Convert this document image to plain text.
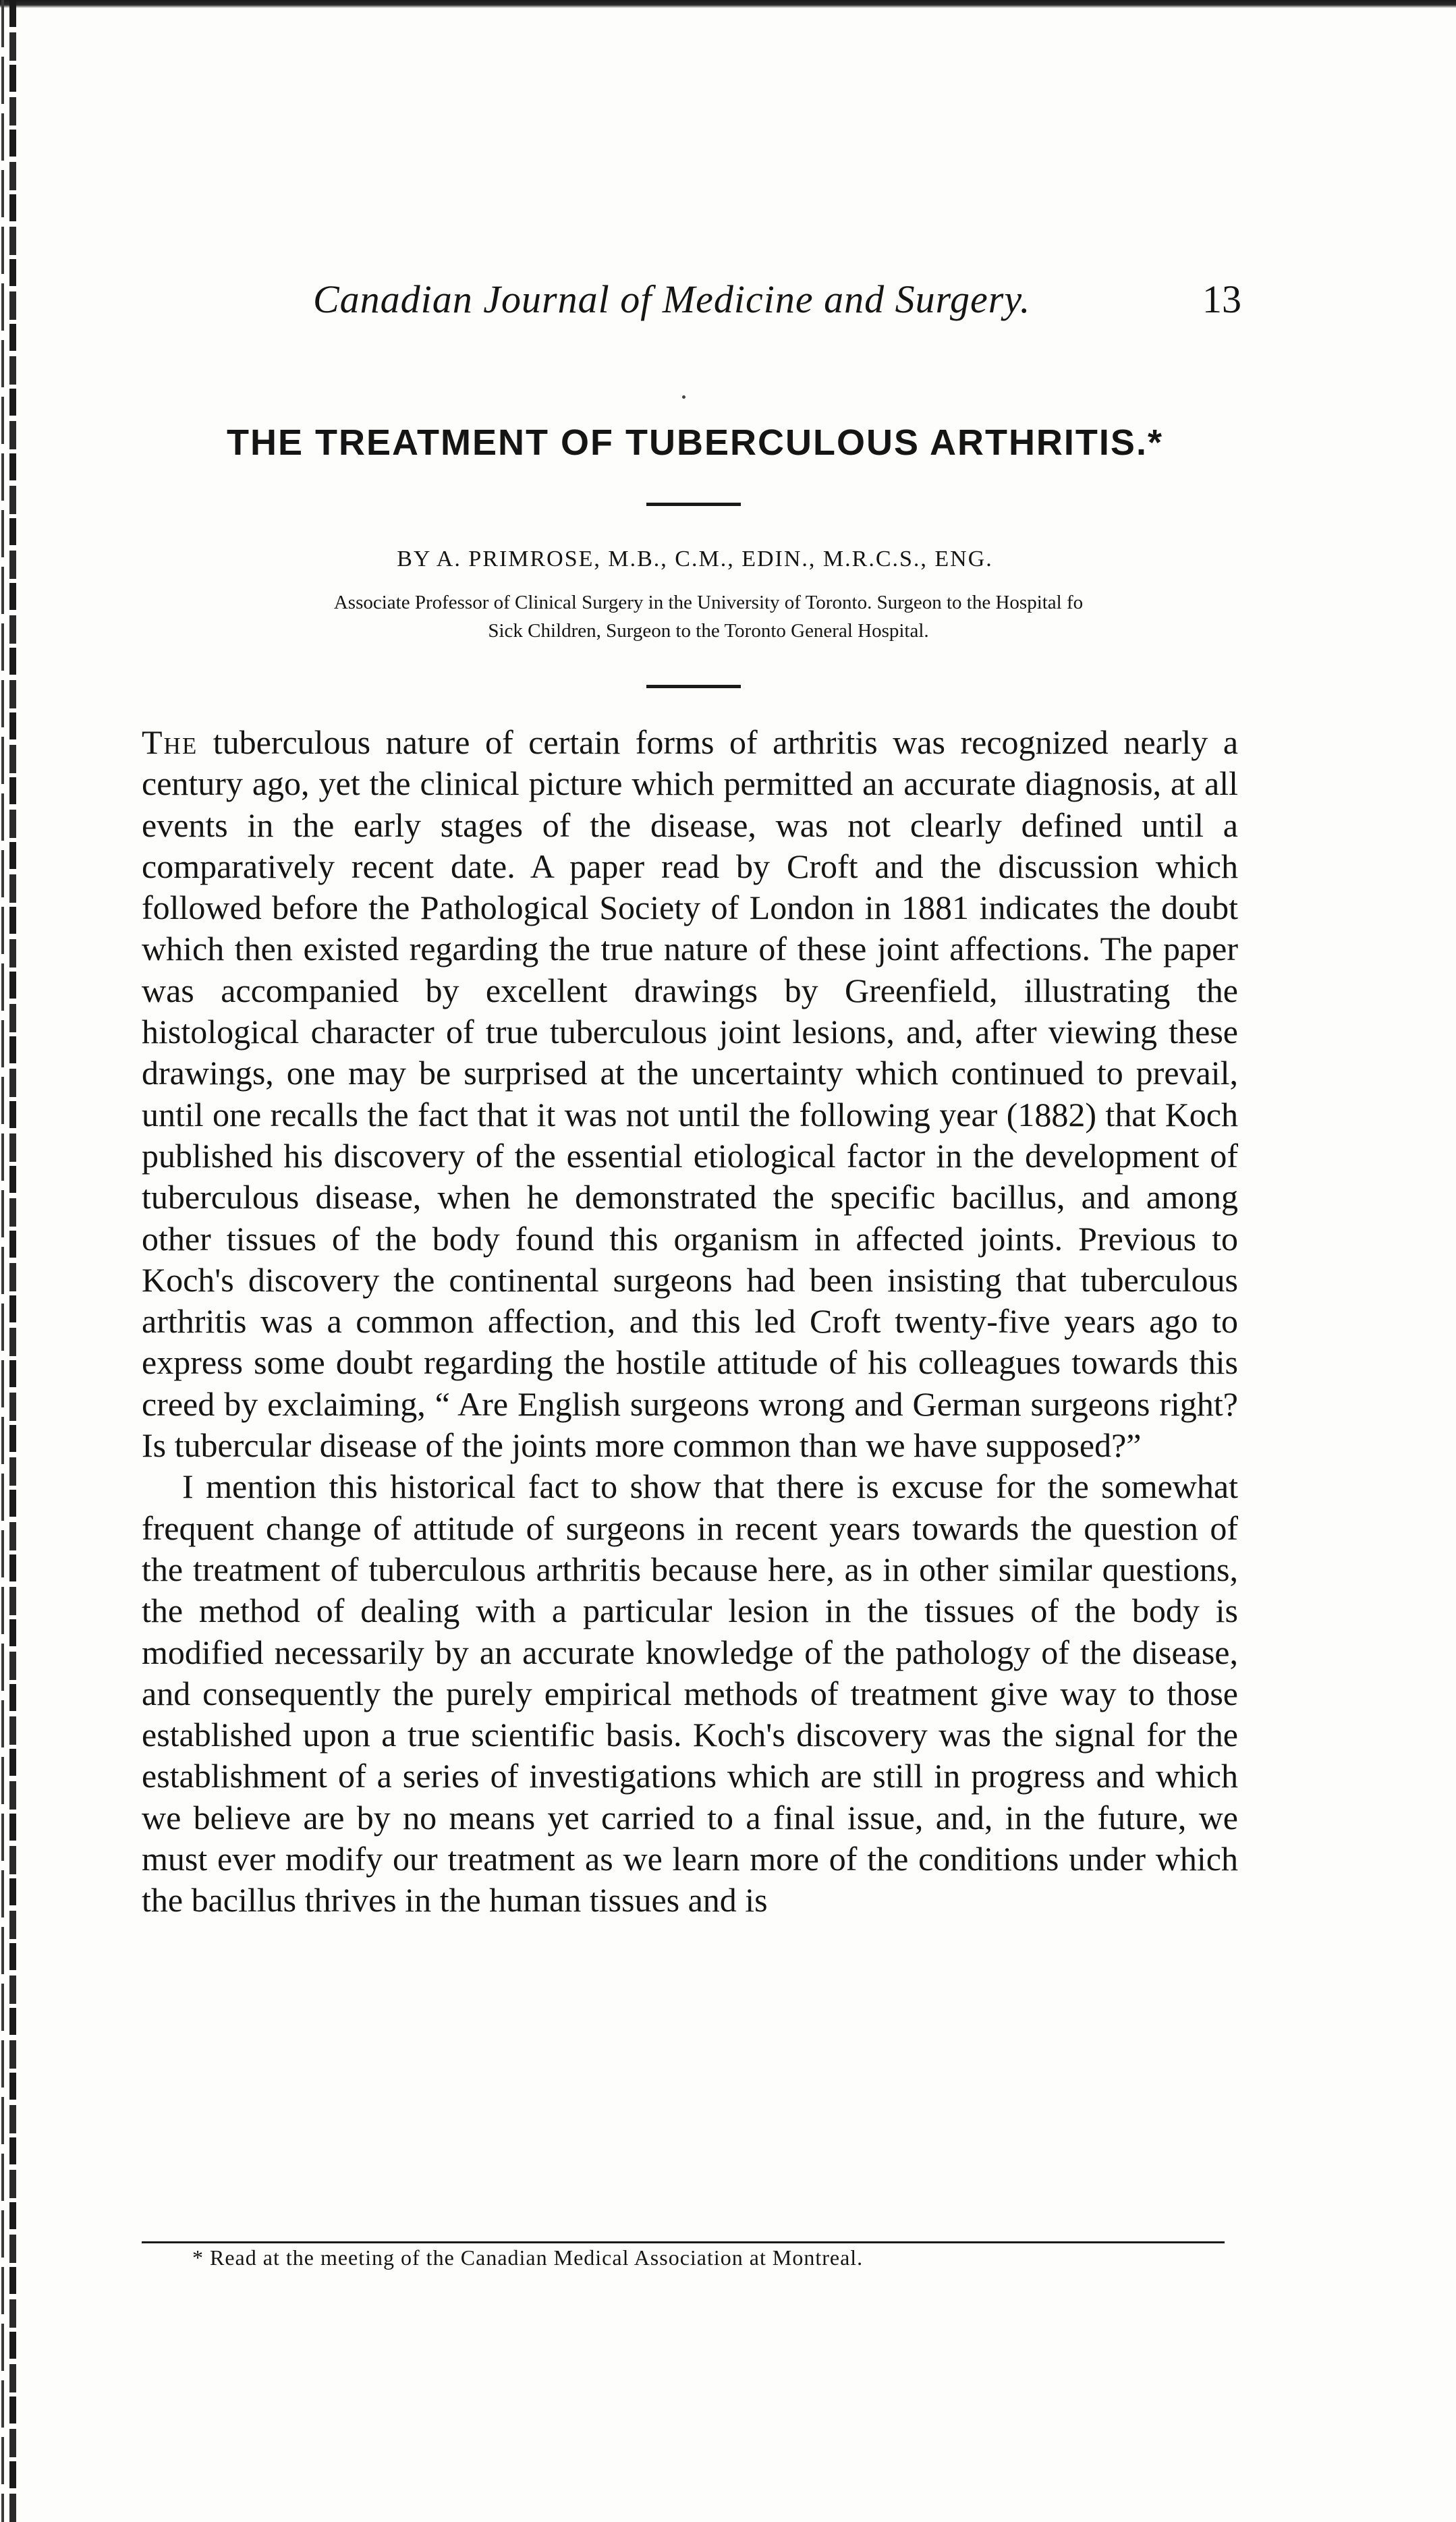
Canadian Journal of Medicine and Surgery.	13
THE TREATMENT OF TUBERCULOUS ARTHRITIS.*
BY A. PRIMROSE, M.B., C.M., EDIN., M.R.C.S., ENG.
Associate Professor of Clinical Surgery in the University of Toronto. Surgeon to the Hospital fo
Sick Children, Surgeon to the Toronto General Hospital.

The tuberculous nature of certain forms of arthritis was recognized nearly a century ago, yet the clinical picture which permitted an accurate diagnosis, at all events in the early stages of the disease, was not clearly defined until a comparatively recent date. A paper read by Croft and the discussion which followed before the Pathological Society of London in 1881 indicates the doubt which then existed regarding the true nature of these joint affections. The paper was accompanied by excellent drawings by Greenfield, illustrating the histological character of true tuberculous joint lesions, and, after viewing these drawings, one may be surprised at the uncertainty which continued to prevail, until one recalls the fact that it was not until the following year (1882) that Koch published his discovery of the essential etiological factor in the development of tuberculous disease, when he demonstrated the specific bacillus, and among other tissues of the body found this organism in affected joints. Previous to Koch's discovery the continental surgeons had been insisting that tuberculous arthritis was a common affection, and this led Croft twenty-five years ago to express some doubt regarding the hostile attitude of his colleagues towards this creed by exclaiming, “ Are English surgeons wrong and German surgeons right? Is tubercular disease of the joints more common than we have supposed?”

I mention this historical fact to show that there is excuse for the somewhat frequent change of attitude of surgeons in recent years towards the question of the treatment of tuberculous arthritis because here, as in other similar questions, the method of dealing with a particular lesion in the tissues of the body is modified necessarily by an accurate knowledge of the pathology of the disease, and consequently the purely empirical methods of treatment give way to those established upon a true scientific basis. Koch's discovery was the signal for the establishment of a series of investigations which are still in progress and which we believe are by no means yet carried to a final issue, and, in the future, we must ever modify our treatment as we learn more of the conditions under which the bacillus thrives in the human tissues and is

* Read at the meeting of the Canadian Medical Association at Montreal.
